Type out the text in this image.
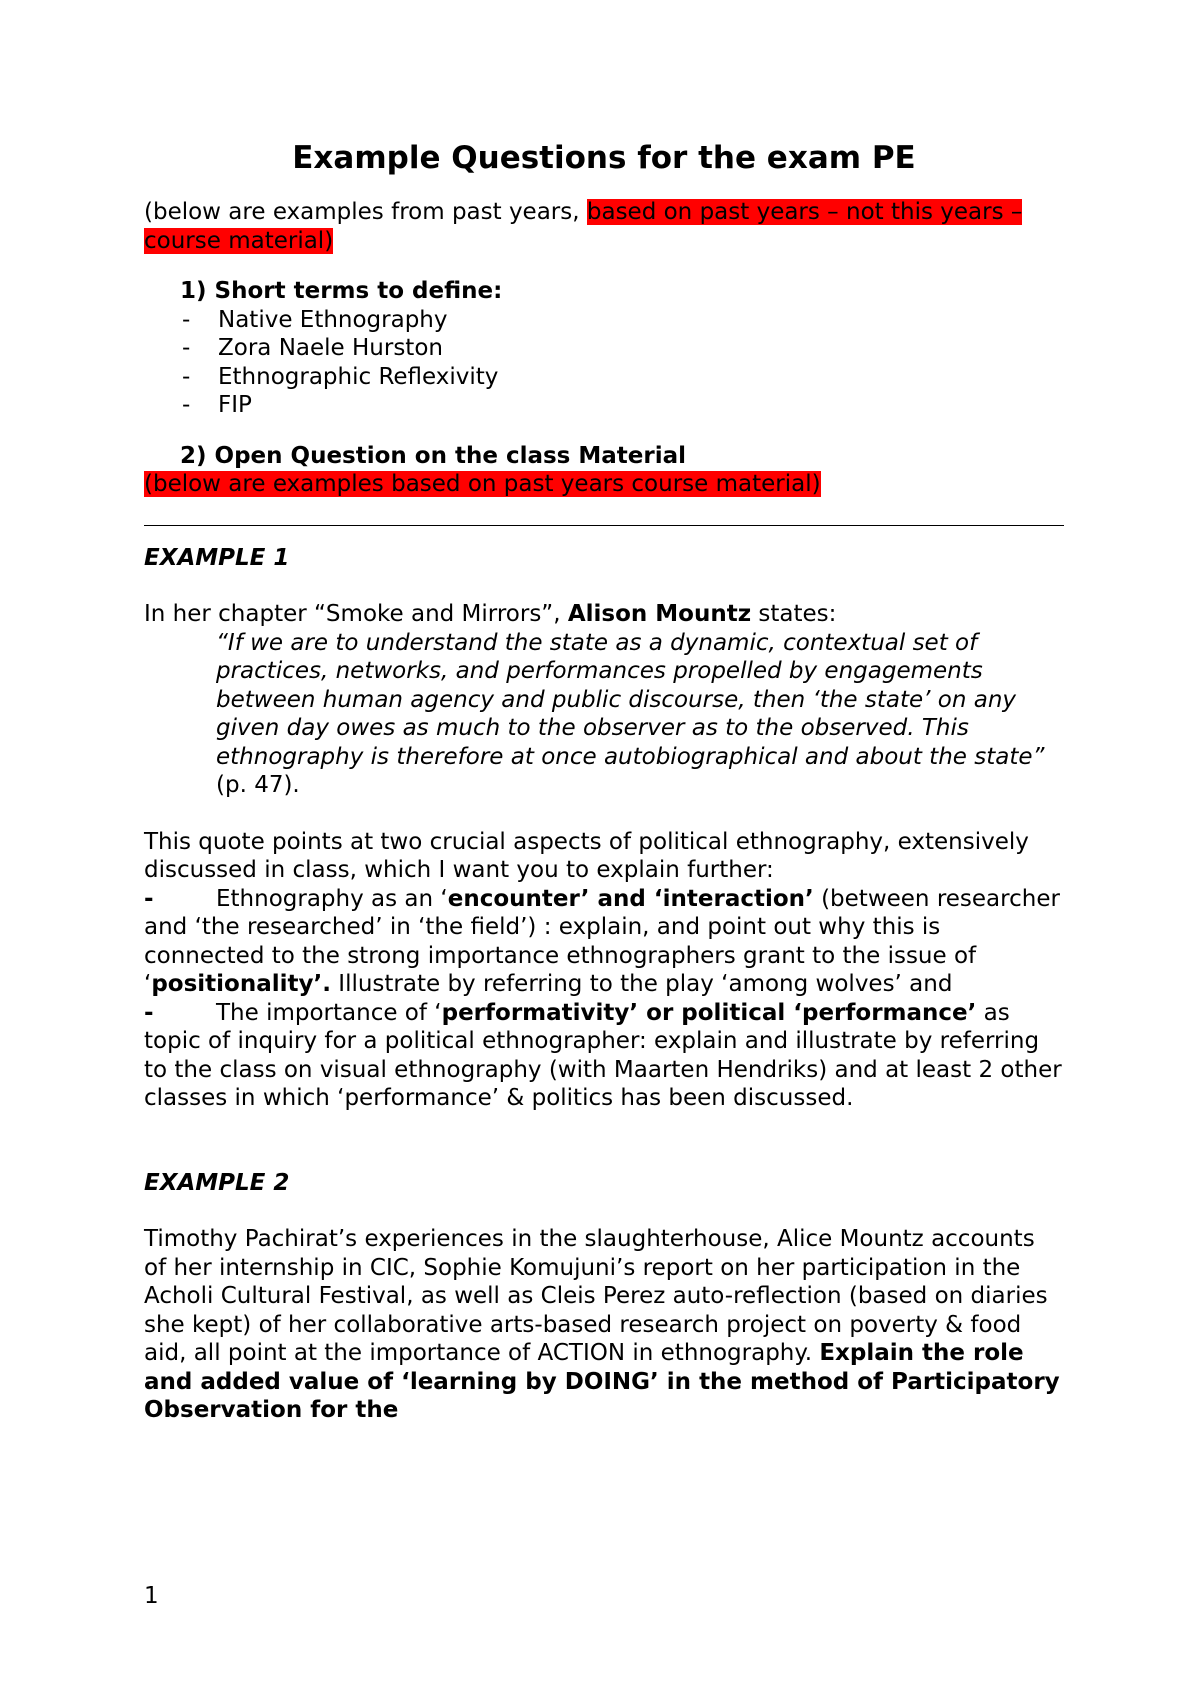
Example Questions for the exam PE

(below are examples from past years, based on past years – not this years – course material)

1) Short terms to define:

- Native Ethnography
- Zora Naele Hurston
- Ethnographic Reflexivity
- FIP

2) Open Question on the class Material

(below are examples based on past years course material)

EXAMPLE 1

In her chapter “Smoke and Mirrors”, Alison Mountz states:

“If we are to understand the state as a dynamic, contextual set of practices, networks, and performances propelled by engagements between human agency and public discourse, then ‘the state’ on any given day owes as much to the observer as to the observed. This ethnography is therefore at once autobiographical and about the state” (p. 47).

This quote points at two crucial aspects of political ethnography, extensively discussed in class, which I want you to explain further:

-	Ethnography as an ‘encounter’ and ‘interaction’ (between researcher and ‘the researched’ in ‘the field’) : explain, and point out why this is connected to the strong importance ethnographers grant to the issue of ‘positionality’. Illustrate by referring to the play ‘among wolves’ and

-	The importance of ‘performativity’ or political ‘performance’ as topic of inquiry for a political ethnographer: explain and illustrate by referring to the class on visual ethnography (with Maarten Hendriks) and at least 2 other classes in which ‘performance’ & politics has been discussed.

EXAMPLE 2

Timothy Pachirat’s experiences in the slaughterhouse, Alice Mountz accounts of her internship in CIC, Sophie Komujuni’s report on her participation in the Acholi Cultural Festival, as well as Cleis Perez auto-reflection (based on diaries she kept) of her collaborative arts-based research project on poverty & food aid, all point at the importance of ACTION in ethnography. Explain the role and added value of ‘learning by DOING’ in the method of Participatory Observation for the

1
